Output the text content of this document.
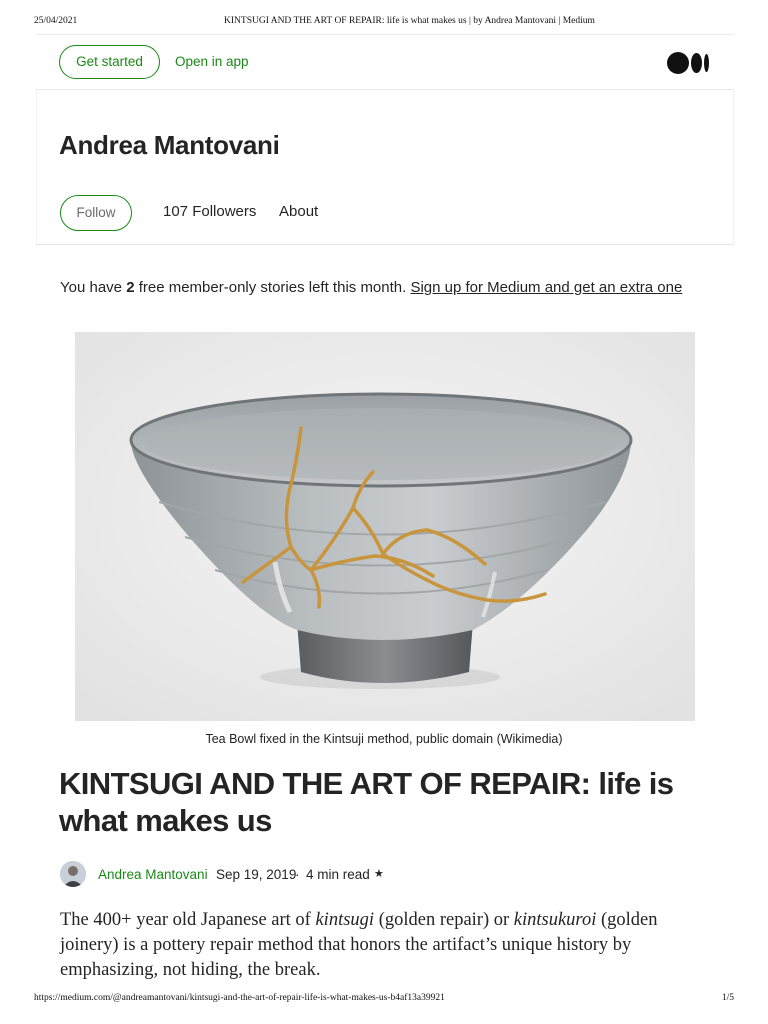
25/04/2021	KINTSUGI AND THE ART OF REPAIR: life is what makes us | by Andrea Mantovani | Medium
Get started	Open in app
Andrea Mantovani
Follow	107 Followers About
You have 2 free member-only stories left this month. Sign up for Medium and get an extra one
Tea Bowl fixed in the Kintsuji method, public domain (Wikimedia)
KINTSUGI AND THE ART OF REPAIR: life is what makes us
Andrea Mantovani Sep 19, 2019
· 4 min read ★

The 400+ year old Japanese art of kintsugi (golden repair) or kintsukuroi (golden joinery) is a pottery repair method that honors the artifact’s unique history by emphasizing, not hiding, the break.

https://medium.com/@andreamantovani/kintsugi-and-the-art-of-repair-life-is-what-makes-us-b4af13a39921	1/5
